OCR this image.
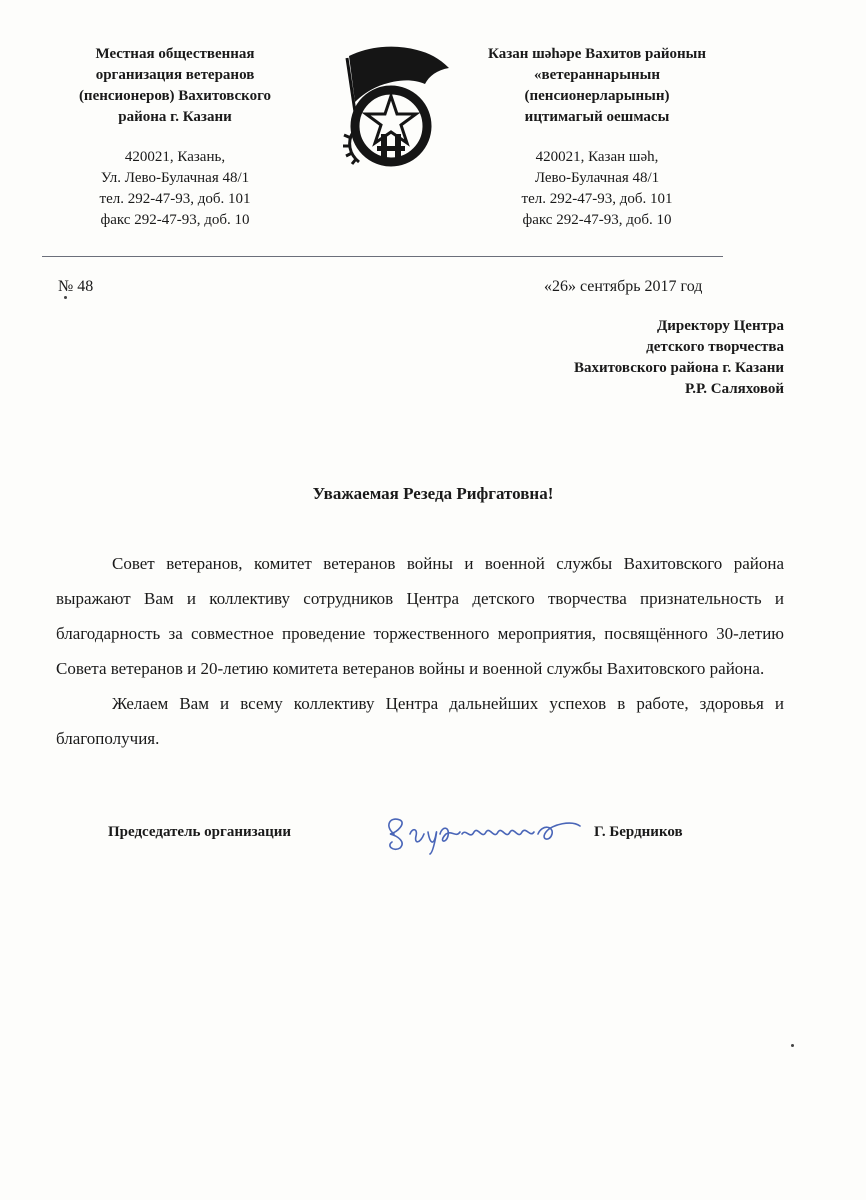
Местная общественная
организация ветеранов
(пенсионеров) Вахитовского
района г. Казани
420021, Казань,
Ул. Лево-Булачная 48/1
тел. 292-47-93, доб. 101
факс 292-47-93, доб. 10
Казан шәһәре Вахитов районын
«ветераннарынын
(пенсионерларынын)
ицтимагый оешмасы
420021, Казан шәһ,
Лево-Булачная 48/1
тел. 292-47-93, доб. 101
факс 292-47-93, доб. 10
№ 48	«26» сентябрь 2017 год
Директору Центра
детского творчества
Вахитовского района г. Казани
Р.Р. Саляховой
Уважаемая Резеда Рифгатовна!

Совет ветеранов, комитет ветеранов войны и военной службы Вахитовского района выражают Вам и коллективу сотрудников Центра детского творчества признательность и благодарность за совместное проведение торжественного мероприятия, посвящённого 30-летию Совета ветеранов и 20-летию комитета ветеранов войны и военной службы Вахитовского района.

Желаем Вам и всему коллективу Центра дальнейших успехов в работе, здоровья и благополучия.

Председатель организации	Г. Бердников
